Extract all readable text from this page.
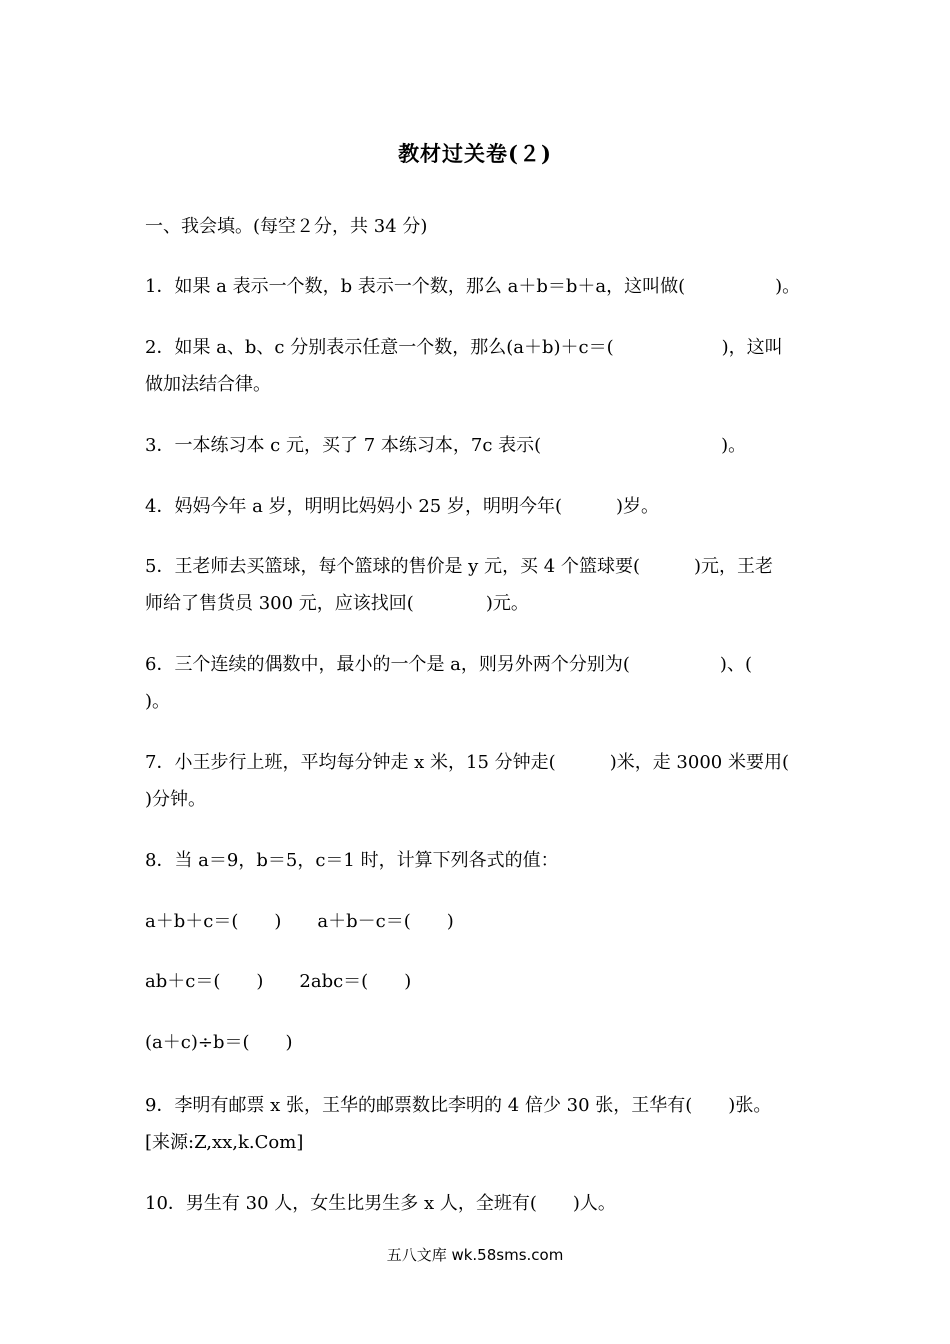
教材过关卷(２)
一、我会填。(每空２分，共 34 分)
1．如果 a 表示一个数，b 表示一个数，那么 a＋b＝b＋a，这叫做(　　　　　)。
2．如果 a、b、c 分别表示任意一个数，那么(a＋b)＋c＝(　　　　　　)，这叫
做加法结合律。
3．一本练习本 c 元，买了 7 本练习本，7c 表示(　　　　　　　　　　)。
4．妈妈今年 a 岁，明明比妈妈小 25 岁，明明今年(　　　)岁。
5．王老师去买篮球，每个篮球的售价是 y 元，买 4 个篮球要(　　　)元，王老
师给了售货员 300 元，应该找回(　　　　)元。
6．三个连续的偶数中，最小的一个是 a，则另外两个分别为(　　　　　)、(
)。
7．小王步行上班，平均每分钟走 x 米，15 分钟走(　　　)米，走 3000 米要用(
)分钟。
8．当 a＝9，b＝5，c＝1 时，计算下列各式的值：
a＋b＋c＝(　　)　　a＋b－c＝(　　)
ab＋c＝(　　)　　2abc＝(　　)
(a＋c)÷b＝(　　)
9．李明有邮票 x 张，王华的邮票数比李明的 4 倍少 30 张，王华有(　　)张。
[来源:Z,xx,k.Com]
10．男生有 30 人，女生比男生多 x 人，全班有(　　)人。
五八文库 wk.58sms.com
